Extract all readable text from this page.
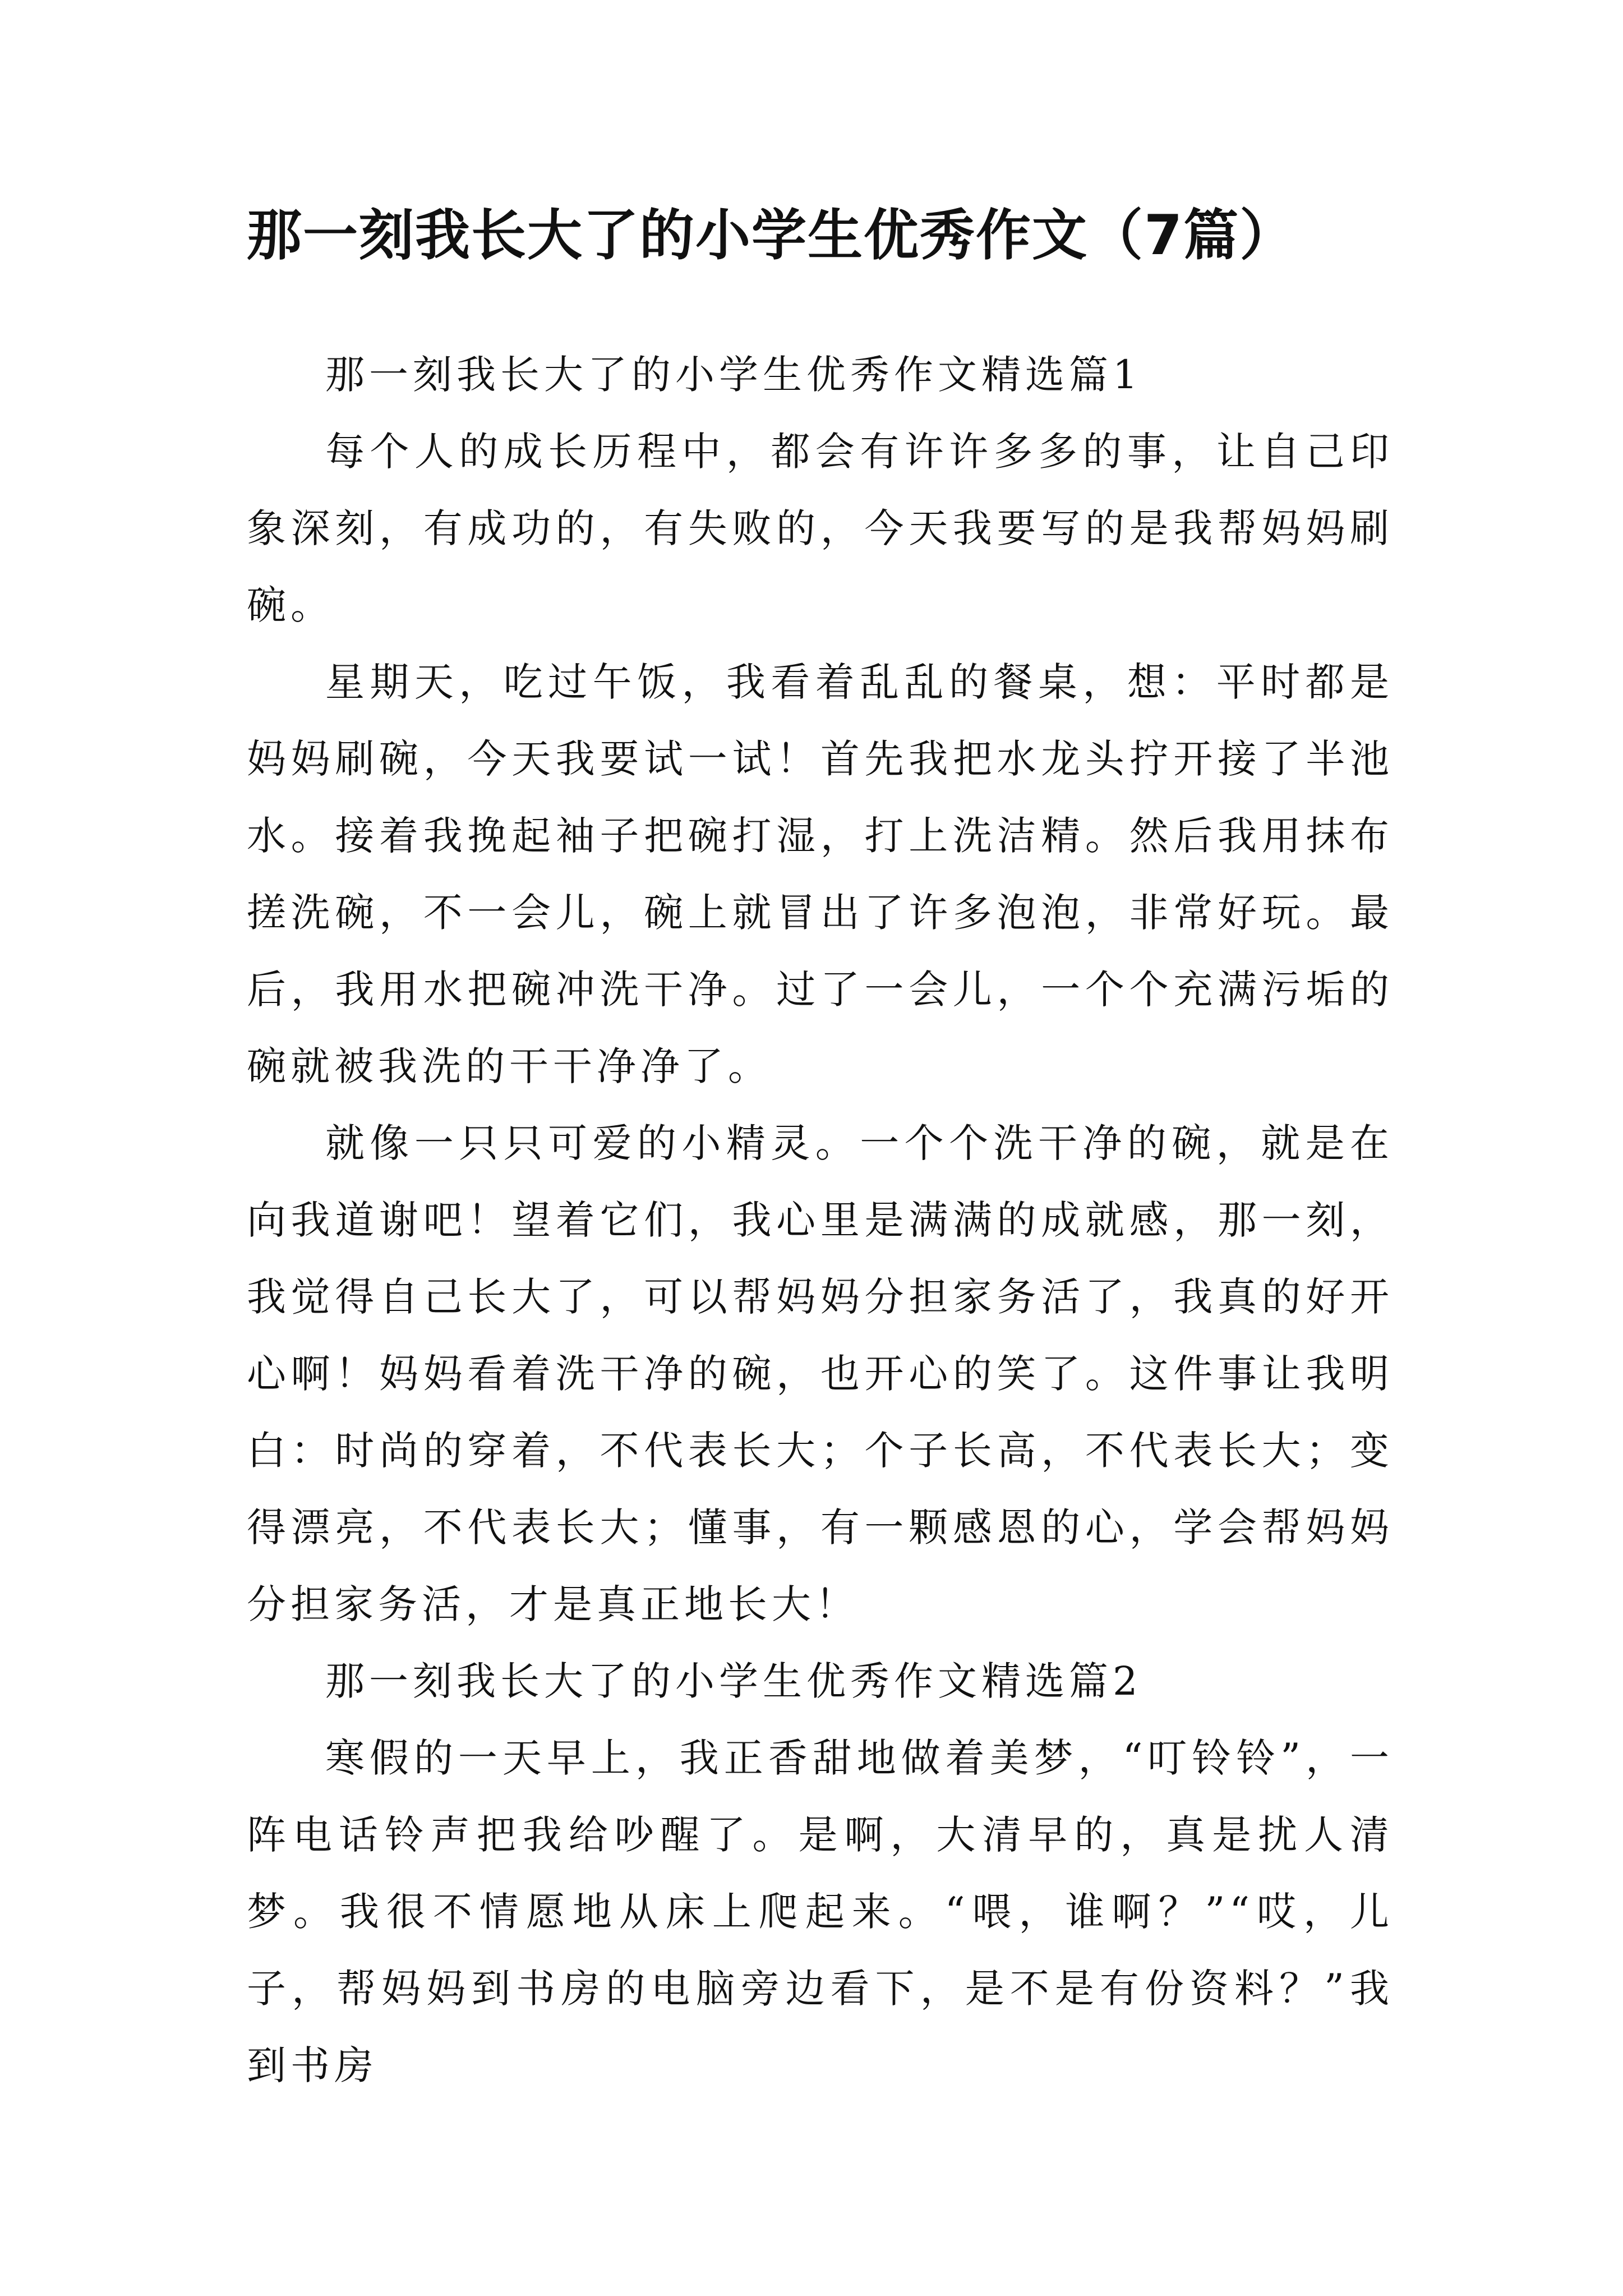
那一刻我长大了的小学生优秀作文（7篇）

那一刻我长大了的小学生优秀作文精选篇1

每个人的成长历程中，都会有许许多多的事，让自己印象深刻，有成功的，有失败的，今天我要写的是我帮妈妈刷碗。

星期天，吃过午饭，我看着乱乱的餐桌，想：平时都是妈妈刷碗，今天我要试一试！首先我把水龙头拧开接了半池水。接着我挽起袖子把碗打湿，打上洗洁精。然后我用抹布搓洗碗，不一会儿，碗上就冒出了许多泡泡，非常好玩。最后，我用水把碗冲洗干净。过了一会儿，一个个充满污垢的碗就被我洗的干干净净了。

就像一只只可爱的小精灵。一个个洗干净的碗，就是在向我道谢吧！望着它们，我心里是满满的成就感，那一刻，我觉得自己长大了，可以帮妈妈分担家务活了，我真的好开心啊！妈妈看着洗干净的碗，也开心的笑了。这件事让我明白：时尚的穿着，不代表长大；个子长高，不代表长大；变得漂亮，不代表长大；懂事，有一颗感恩的心，学会帮妈妈分担家务活，才是真正地长大！

那一刻我长大了的小学生优秀作文精选篇2

寒假的一天早上，我正香甜地做着美梦，“叮铃铃”，一阵电话铃声把我给吵醒了。是啊，大清早的，真是扰人清梦。我很不情愿地从床上爬起来。“喂，谁啊？”“哎，儿子，帮妈妈到书房的电脑旁边看下，是不是有份资料？”我到书房
